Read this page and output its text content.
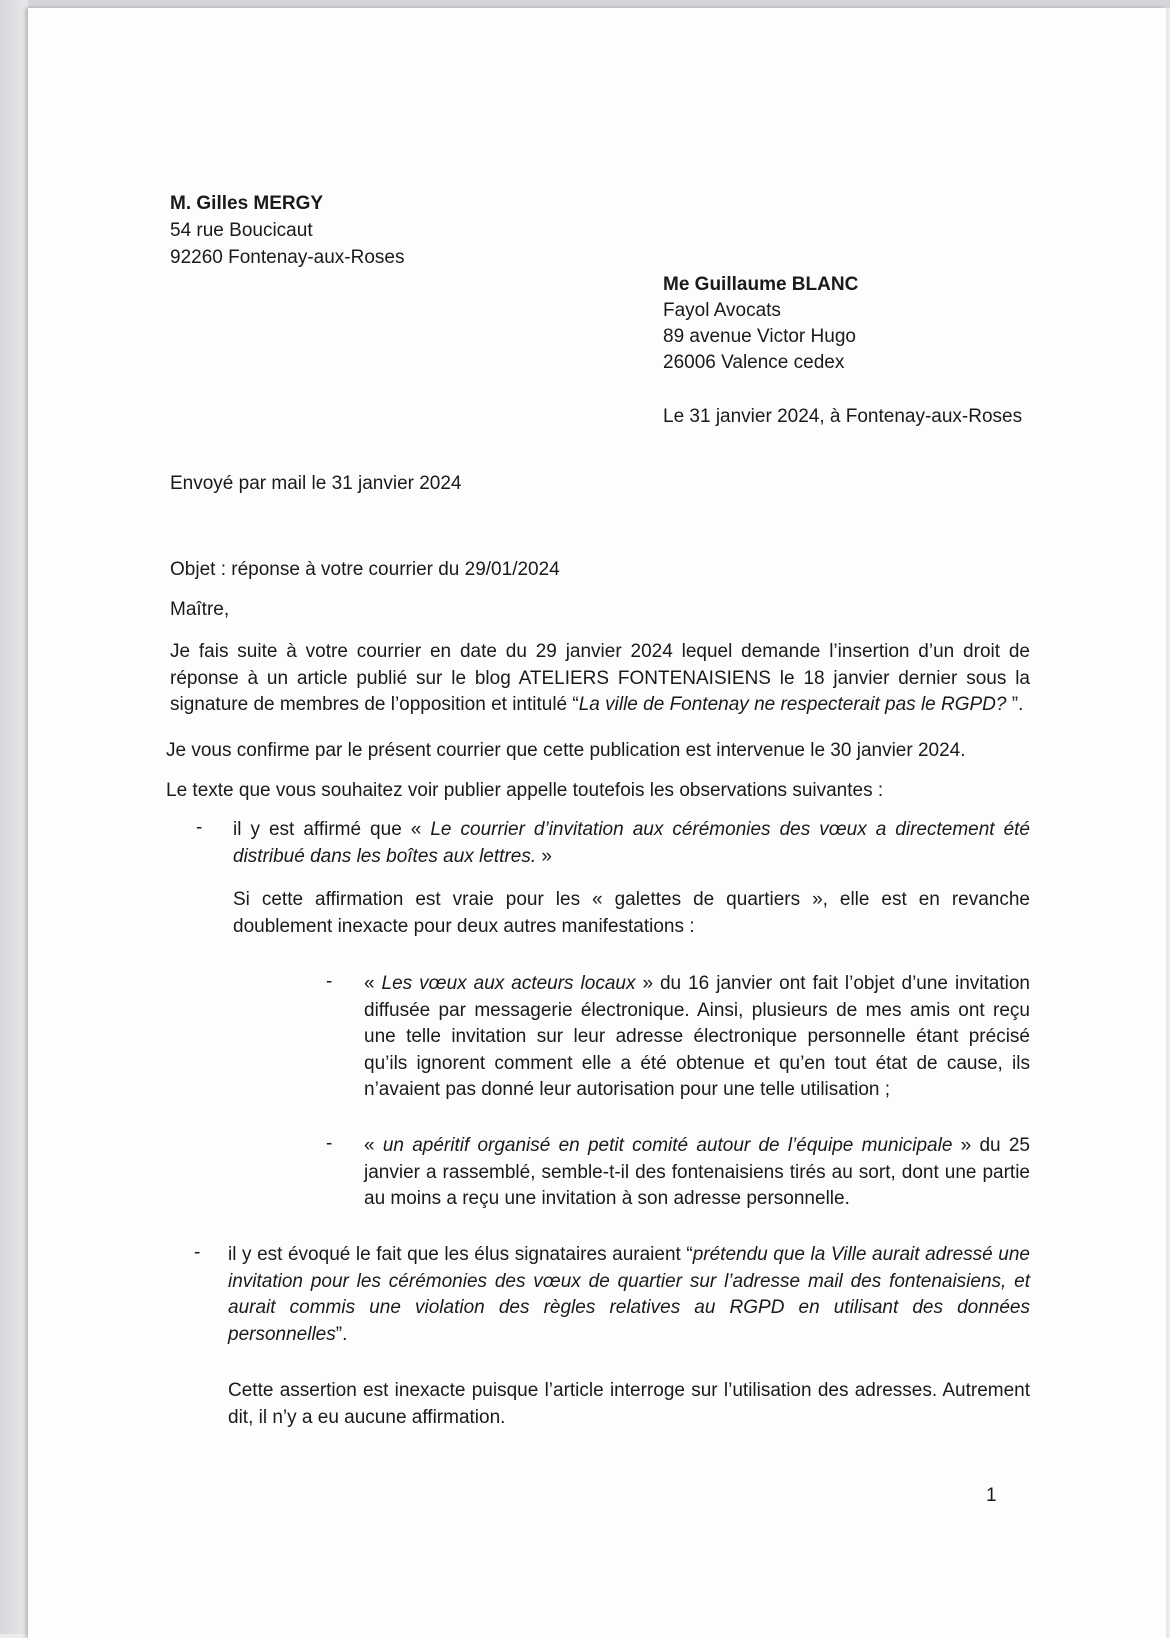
M. Gilles MERGY
54 rue Boucicaut
92260 Fontenay-aux-Roses
Me Guillaume BLANC
Fayol Avocats
89 avenue Victor Hugo
26006 Valence cedex
Le 31 janvier 2024, à Fontenay-aux-Roses
Envoyé par mail le 31 janvier 2024
Objet : réponse à votre courrier du 29/01/2024
Maître,
Je fais suite à votre courrier en date du 29 janvier 2024 lequel demande l’insertion d’un droit de réponse à un article publié sur le blog ATELIERS FONTENAISIENS le 18 janvier dernier sous la signature de membres de l’opposition et intitulé “La ville de Fontenay ne respecterait pas le RGPD? ”.
Je vous confirme par le présent courrier que cette publication est intervenue le 30 janvier 2024.
Le texte que vous souhaitez voir publier appelle toutefois les observations suivantes :
- il y est affirmé que « Le courrier d’invitation aux cérémonies des vœux a directement été distribué dans les boîtes aux lettres. »
Si cette affirmation est vraie pour les « galettes de quartiers », elle est en revanche doublement inexacte pour deux autres manifestations :
- « Les vœux aux acteurs locaux » du 16 janvier ont fait l’objet d’une invitation diffusée par messagerie électronique. Ainsi, plusieurs de mes amis ont reçu une telle invitation sur leur adresse électronique personnelle étant précisé qu’ils ignorent comment elle a été obtenue et qu’en tout état de cause, ils n’avaient pas donné leur autorisation pour une telle utilisation ;
- « un apéritif organisé en petit comité autour de l’équipe municipale » du 25 janvier a rassemblé, semble-t-il des fontenaisiens tirés au sort, dont une partie au moins a reçu une invitation à son adresse personnelle.
- il y est évoqué le fait que les élus signataires auraient “prétendu que la Ville aurait adressé une invitation pour les cérémonies des vœux de quartier sur l’adresse mail des fontenaisiens, et aurait commis une violation des règles relatives au RGPD en utilisant des données personnelles”.
Cette assertion est inexacte puisque l’article interroge sur l’utilisation des adresses. Autrement dit, il n’y a eu aucune affirmation.
1
